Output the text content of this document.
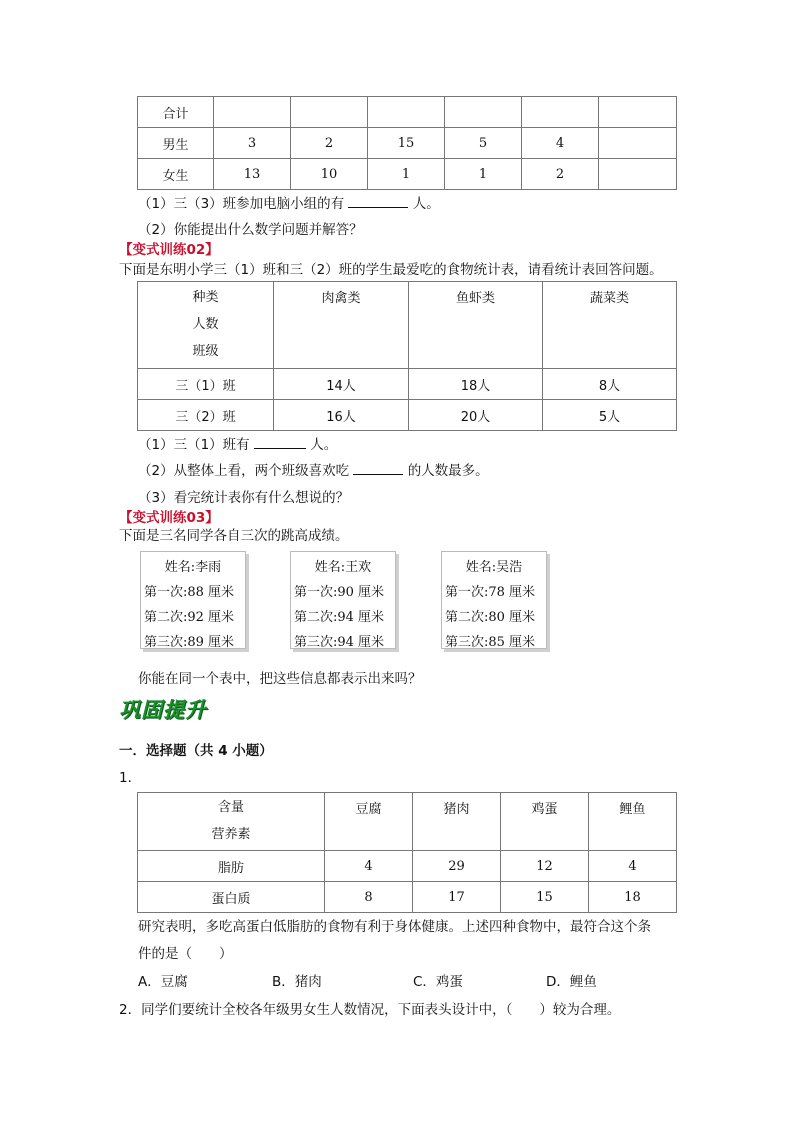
合计						
男生	3	2	15	5	4	
女生	13	10	1	1	2	
（1）三（3）班参加电脑小组的有	人。
（2）你能提出什么数学问题并解答？
【变式训练02】
下面是东明小学三（1）班和三（2）班的学生最爱吃的食物统计表，请看统计表回答问题。
种类
人数
班级	肉禽类	鱼虾类	蔬菜类
三（1）班	14人	18人	8人
三（2）班	16人	20人	5人
（1）三（1）班有	人。
（2）从整体上看，两个班级喜欢吃	的人数最多。
（3）看完统计表你有什么想说的？
【变式训练03】
下面是三名同学各自三次的跳高成绩。
姓名:李雨
第一次:88 厘米
第二次:92 厘米
第三次:89 厘米
姓名:王欢
第一次:90 厘米
第二次:94 厘米
第三次:94 厘米
姓名:吴浩
第一次:78 厘米
第二次:80 厘米
第三次:85 厘米
你能在同一个表中，把这些信息都表示出来吗？
巩固提升
一．选择题（共 4 小题）
1．
含量
营养素	豆腐	猪肉	鸡蛋	鲤鱼
脂肪	4	29	12	4
蛋白质	8	17	15	18
研究表明，多吃高蛋白低脂肪的食物有利于身体健康。上述四种食物中，最符合这个条
件的是（　　）
A．豆腐	B．猪肉	C．鸡蛋	D．鲤鱼
2．同学们要统计全校各年级男女生人数情况，下面表头设计中，（　　）较为合理。
